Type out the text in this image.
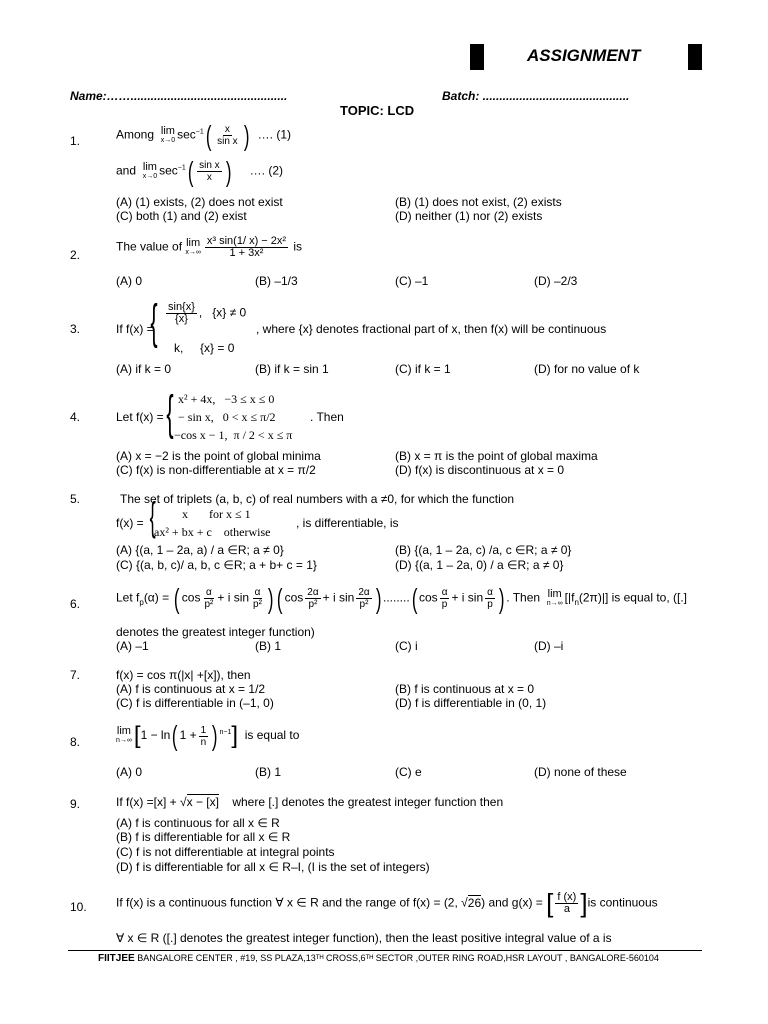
ASSIGNMENT
Name:……...............................................	Batch: ............................................
TOPIC: LCD
1.	Among lim
x→0 $\sec^{-1}( \frac{x}{\text{sin x}}$ ) …. (1)
and lim
x→0 $\sec^{-1}( \frac{\text{sin x}}{x}$ ) …. (2)
(A) (1) exists, (2) does not exist	(B) (1) does not exist, (2) exists
(C) both (1) and (2) exist	(D) neither (1) nor (2) exists
2.
The value of lim
$x\to\infty \frac{\text{x³ sin(1/ x) − 2x²}}{\text{1 + 3x²}}$ is
(A) 0	(B) –1/3	(C) –1	(D) –2/3
3.	If f(x) =
{ $\frac{\sin\{x\}}{\{x\}}$ ,   {x} ≠ 0
k, {x} = 0
, where {x} denotes fractional part of x, then f(x) will be continuous
(A) if k = 0	(B) if k = sin 1	(C) if k = 1	(D) for no value of k
4.	Let f(x) = { x² + 4x, −3 ≤ x ≤ 0
− sin x, 0 < x ≤ π/2
−cos x − 1, π / 2 < x ≤ π
. Then
(A) x = −2 is the point of global minima	(B) x = π is the point of global maxima
(C) f(x) is non-differentiable at x = π/2	(D) f(x) is discontinuous at x = 0
5.	The set of triplets (a, b, c) of real numbers with a ≠0, for which the function
f(x) = { x for x ≤ 1
ax² + bx + c otherwise
, is differentiable, is
(A) {(a, 1 – 2a, a) / a ∈R; a ≠ 0}	(B) {(a, 1 – 2a, c) /a, c ∈R; a ≠ 0}
(C) {(a, b, c)/ a, b, c ∈R; a + b+ c = 1}	(D) {(a, 1 – 2a, 0) / a ∈R; a ≠ 0}
6.	Let $f_p(\alpha)$ = ( $\cos \frac{\alpha}{\text{p²}} + i$ $\sin \frac{\alpha}{\text{p²}}$ ) ( $\cos \frac{2\alpha}{\text{p²}} + i$ $\sin \frac{2\alpha}{\text{p²}}$ ) ........( $\cos \frac{\alpha}{p} + i$ $\sin \frac{\alpha}{p}$ ) . Then lim
n→∞ $[|f_n(2\pi)|]$ is equal to, ([.]
denotes the greatest integer function)
(A) –1	(B) 1	(C) i	(D) –i
7.	f(x) = cos π(|x| +[x]), then
(A) f is continuous at x = 1/2	(B) f is continuous at x = 0
(C) f is differentiable in (–1, 0)	(D) f is differentiable in (0, 1)
8.
lim
n→∞ [1 − ln( $1 + \frac{1}{n}$ ) $^{n-1}$] is equal to
(A) 0	(B) 1	(C) e	(D) none of these
9.	If f(x) =[x] + √x − [x] where [.] denotes the greatest integer function then
(A) f is continuous for all x ∈ R
(B) f is differentiable for all x ∈ R
(C) f is not differentiable at integral points
(D) f is differentiable for all x ∈ R–I, (I is the set of integers)
10. If f(x) is a continuous function ∀ x ∈ R and the range of f(x) = (2, √26) and g(x) = [ $\frac{f (x)}{a} ]is$ continuous
∀ x ∈ R ([.] denotes the greatest integer function), then the least positive integral value of a is
FIITJEE BANGALORE CENTER , #19, SS PLAZA,13ᵀᴴ CROSS,6ᵀᴴ SECTOR ,OUTER RING ROAD,HSR LAYOUT , BANGALORE-560104
